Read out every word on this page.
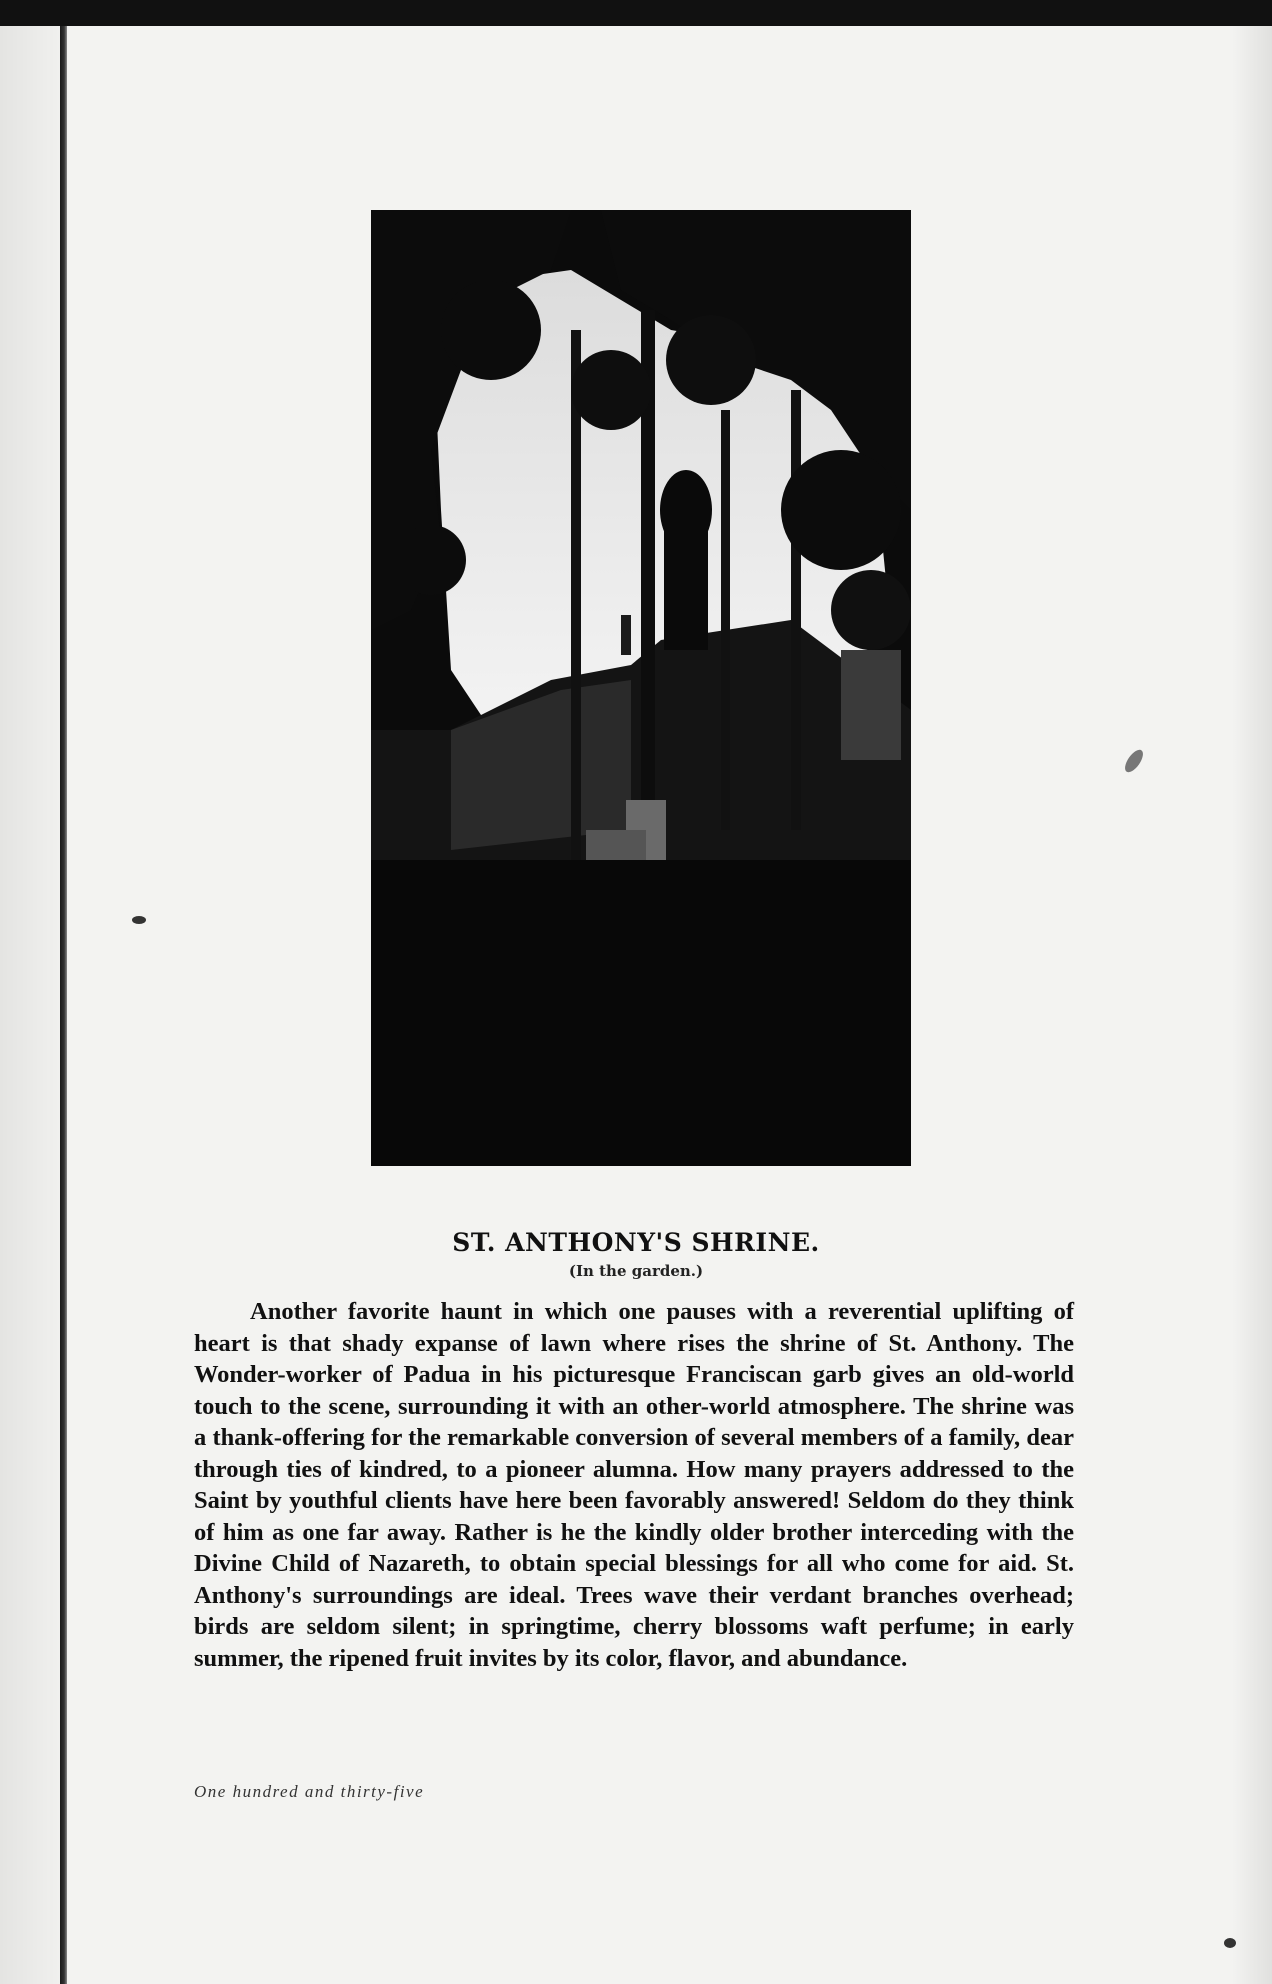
ST. ANTHONY'S SHRINE.
(In the garden.)
Another favorite haunt in which one pauses with a reverential uplifting of heart is that shady expanse of lawn where rises the shrine of St. Anthony. The Wonder-worker of Padua in his picturesque Franciscan garb gives an old-world touch to the scene, surrounding it with an other-world atmosphere. The shrine was a thank-offering for the remarkable conversion of several members of a family, dear through ties of kindred, to a pioneer alumna. How many prayers addressed to the Saint by youthful clients have here been favorably answered! Seldom do they think of him as one far away. Rather is he the kindly older brother interceding with the Divine Child of Nazareth, to obtain special blessings for all who come for aid. St. Anthony's surroundings are ideal. Trees wave their verdant branches overhead; birds are seldom silent; in springtime, cherry blossoms waft perfume; in early summer, the ripened fruit invites by its color, flavor, and abundance.
One hundred and thirty-five
